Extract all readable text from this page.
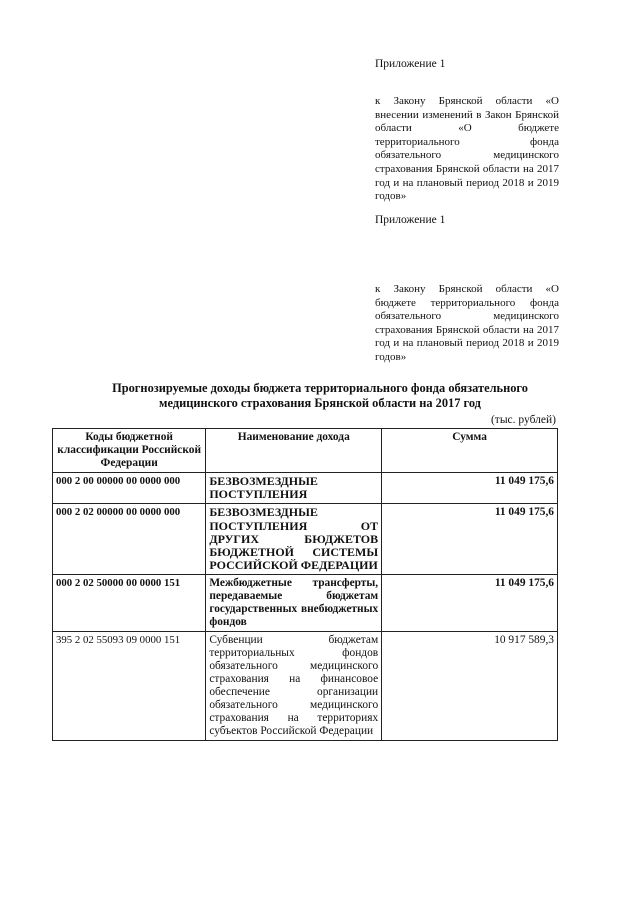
Приложение 1
к Закону Брянской области «О внесении изменений в Закон Брянской области «О бюджете территориального фонда обязательного медицинского страхования Брянской области на 2017 год и на плановый период 2018 и 2019 годов»
Приложение 1
к Закону Брянской области «О бюджете территориального фонда обязательного медицинского страхования Брянской области на 2017 год и на плановый период 2018 и 2019 годов»
Прогнозируемые доходы бюджета территориального фонда обязательного
медицинского страхования Брянской области на 2017 год
(тыс. рублей)
Коды бюджетной классификации Российской Федерации	Наименование дохода	Сумма
000 2 00 00000 00 0000 000	БЕЗВОЗМЕЗДНЫЕ ПОСТУПЛЕНИЯ	11 049 175,6
000 2 02 00000 00 0000 000	БЕЗВОЗМЕЗДНЫЕ ПОСТУПЛЕНИЯ ОТ ДРУГИХ БЮДЖЕТОВ БЮДЖЕТНОЙ СИСТЕМЫ РОССИЙСКОЙ ФЕДЕРАЦИИ	11 049 175,6
000 2 02 50000 00 0000 151	Межбюджетные трансферты, передаваемые бюджетам государственных внебюджетных фондов	11 049 175,6
395 2 02 55093 09 0000 151	Субвенции бюджетам территориальных фондов обязательного медицинского страхования на финансовое обеспечение организации обязательного медицинского страхования на территориях субъектов Российской Федерации	10 917 589,3
